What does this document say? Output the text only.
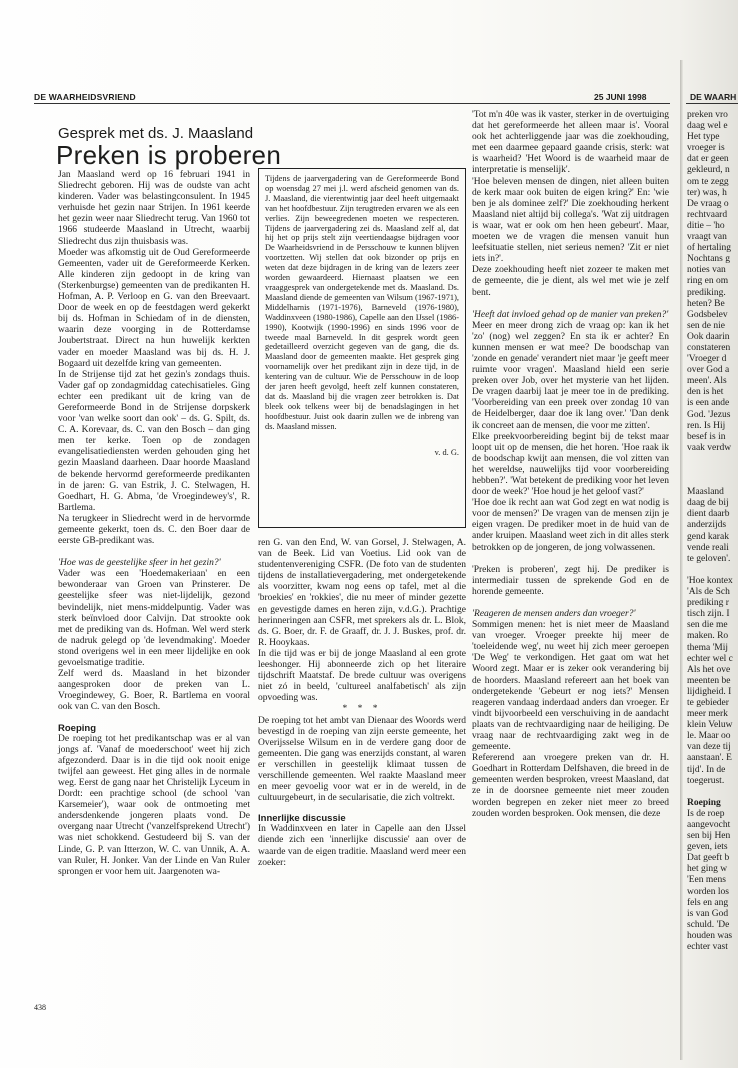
DE WAARHEIDSVRIEND	25 JUNI 1998	DE WAARH
Gesprek met ds. J. Maasland
Preken is proberen

Jan Maasland werd op 16 februari 1941 in Sliedrecht geboren. Hij was de oudste van acht kinderen. Vader was belastingconsulent. In 1945 verhuisde het gezin naar Strijen. In 1961 keerde het gezin weer naar Sliedrecht terug. Van 1960 tot 1966 studeerde Maasland in Utrecht, waarbij Sliedrecht dus zijn thuisbasis was.

Moeder was afkomstig uit de Oud Gereformeerde Gemeenten, vader uit de Gereformeerde Kerken. Alle kinderen zijn gedoopt in de kring van (Sterkenburgse) gemeenten van de predikanten H. Hofman, A. P. Verloop en G. van den Breevaart. Door de week en op de feestdagen werd gekerkt bij ds. Hofman in Schiedam of in de diensten, waarin deze voorging in de Rotterdamse Joubertstraat. Direct na hun huwelijk kerkten vader en moeder Maasland was bij ds. H. J. Bogaard uit dezelfde kring van gemeenten.

In de Strijense tijd zat het gezin's zondags thuis. Vader gaf op zondagmiddag catechisatieles. Ging echter een predikant uit de kring van de Gereformeerde Bond in de Strijense dorpskerk voor 'van welke soort dan ook' – ds. G. Spilt, ds. C. A. Korevaar, ds. C. van den Bosch – dan ging men ter kerke. Toen op de zondagen evangelisatiediensten werden gehouden ging het gezin Maasland daarheen. Daar hoorde Maasland de bekende hervormd gereformeerde predikanten in de jaren: G. van Estrik, J. C. Stelwagen, H. Goedhart, H. G. Abma, 'de Vroegindewey's', R. Bartlema.

Na terugkeer in Sliedrecht werd in de hervormde gemeente gekerkt, toen ds. C. den Boer daar de eerste GB-predikant was.

'Hoe was de geestelijke sfeer in het gezin?'

Vader was een 'Hoedemakeriaan' en een bewonderaar van Groen van Prinsterer. De geestelijke sfeer was niet-lijdelijk, gezond bevindelijk, niet mens-middelpuntig. Vader was sterk beïnvloed door Calvijn. Dat strookte ook met de prediking van ds. Hofman. Wel werd sterk de nadruk gelegd op 'de levendmaking'. Moeder stond overigens wel in een meer lijdelijke en ook gevoelsmatige traditie.

Zelf werd ds. Maasland in het bizonder aangesproken door de preken van L. Vroegindewey, G. Boer, R. Bartlema en vooral ook van C. van den Bosch.

Roeping

De roeping tot het predikantschap was er al van jongs af. 'Vanaf de moederschoot' weet hij zich afgezonderd. Daar is in die tijd ook nooit enige twijfel aan geweest. Het ging alles in de normale weg. Eerst de gang naar het Christelijk Lyceum in Dordt: een prachtige school (de school 'van Karsemeier'), waar ook de ontmoeting met andersdenkende jongeren plaats vond. De overgang naar Utrecht ('vanzelfsprekend Utrecht') was niet schokkend. Gestudeerd bij S. van der Linde, G. P. van Itterzon, W. C. van Unnik, A. A. van Ruler, H. Jonker. Van der Linde en Van Ruler sprongen er voor hem uit. Jaargenoten wa-

Tijdens de jaarvergadering van de Gereformeerde Bond op woensdag 27 mei j.l. werd afscheid genomen van ds. J. Maasland, die vierentwintig jaar deel heeft uitgemaakt van het hoofdbestuur. Zijn terugtreden ervaren we als een verlies. Zijn beweegredenen moeten we respecteren. Tijdens de jaarvergadering zei ds. Maasland zelf al, dat hij het op prijs stelt zijn veertiendaagse bijdragen voor De Waarheidsvriend in de Persschouw te kunnen blijven voortzetten. Wij stellen dat ook bizonder op prijs en weten dat deze bijdragen in de kring van de lezers zeer worden gewaardeerd. Hiernaast plaatsen we een vraaggesprek van ondergetekende met ds. Maasland. Ds. Maasland diende de gemeenten van Wilsum (1967-1971), Middelharnis (1971-1976), Barneveld (1976-1980), Waddinxveen (1980-1986), Capelle aan den IJssel (1986-1990), Kootwijk (1990-1996) en sinds 1996 voor de tweede maal Barneveld. In dit gesprek wordt geen gedetailleerd overzicht gegeven van de gang, die ds. Maasland door de gemeenten maakte. Het gesprek ging voornamelijk over het predikant zijn in deze tijd, in de kentering van de cultuur. Wie de Persschouw in de loop der jaren heeft gevolgd, heeft zelf kunnen constateren, dat ds. Maasland bij die vragen zeer betrokken is. Dat bleek ook telkens weer bij de benadslagingen in het hoofdbestuur. Juist ook daarin zullen we de inbreng van ds. Maasland missen.

v. d. G.

ren G. van den End, W. van Gorsel, J. Stelwagen, A. van de Beek. Lid van Voetius. Lid ook van de studentenvereniging CSFR. (De foto van de studenten tijdens de installatievergadering, met ondergetekende als voorzitter, kwam nog eens op tafel, met al die 'broekies' en 'rokkies', die nu meer of minder gezette en gevestigde dames en heren zijn, v.d.G.). Prachtige herinneringen aan CSFR, met sprekers als dr. L. Blok, ds. G. Boer, dr. F. de Graaff, dr. J. J. Buskes, prof. dr. R. Hooykaas.

In die tijd was er bij de jonge Maasland al een grote leeshonger. Hij abonneerde zich op het literaire tijdschrift Maatstaf. De brede cultuur was overigens niet zó in beeld, 'cultureel analfabetisch' als zijn opvoeding was.

* * *

De roeping tot het ambt van Dienaar des Woords werd bevestigd in de roeping van zijn eerste gemeente, het Overijsselse Wilsum en in de verdere gang door de gemeenten. Die gang was enerzijds constant, al waren er verschillen in geestelijk klimaat tussen de verschillende gemeenten. Wel raakte Maasland meer en meer gevoelig voor wat er in de wereld, in de cultuurgebeurt, in de secularisatie, die zich voltrekt.

Innerlijke discussie

In Waddinxveen en later in Capelle aan den IJssel diende zich een 'innerlijke discussie' aan over de waarde van de eigen traditie. Maasland werd meer een zoeker:

'Tot m'n 40e was ik vaster, sterker in de overtuiging dat het gereformeerde het alleen maar is'. Vooral ook het achterliggende jaar was die zoekhouding, met een daarmee gepaard gaande crisis, sterk: wat is waarheid? 'Het Woord is de waarheid maar de interpretatie is menselijk'.

'Hoe beleven mensen de dingen, niet alleen buiten de kerk maar ook buiten de eigen kring?' En: 'wie ben je als dominee zelf?' Die zoekhouding herkent Maasland niet altijd bij collega's. 'Wat zij uitdragen is waar, wat er ook om hen heen gebeurt'. Maar, moeten we de vragen die mensen vanuit hun leefsituatie stellen, niet serieus nemen? 'Zit er niet iets in?'.

Deze zoekhouding heeft niet zozeer te maken met de gemeente, die je dient, als wel met wie je zelf bent.

'Heeft dat invloed gehad op de manier van preken?'

Meer en meer drong zich de vraag op: kan ik het 'zo' (nog) wel zeggen? En sta ik er achter? En kunnen mensen er wat mee? De boodschap van 'zonde en genade' verandert niet maar 'je geeft meer ruimte voor vragen'. Maasland hield een serie preken over Job, over het mysterie van het lijden. De vragen daarbij laat je meer toe in de prediking. 'Voorbereiding van een preek over zondag 10 van de Heidelberger, daar doe ik lang over.' 'Dan denk ik concreet aan de mensen, die voor me zitten'.

Elke preekvoorbereiding begint bij de tekst maar loopt uit op de mensen, die het horen. 'Hoe raak ik de boodschap kwijt aan mensen, die vol zitten van het wereldse, nauwelijks tijd voor voorbereiding hebben?'. 'Wat betekent de prediking voor het leven door de week?' 'Hoe houd je het geloof vast?'

'Hoe doe ik recht aan wat God zegt en wat nodig is voor de mensen?' De vragen van de mensen zijn je eigen vragen. De prediker moet in de huid van de ander kruipen. Maasland weet zich in dit alles sterk betrokken op de jongeren, de jong volwassenen.

'Preken is proberen', zegt hij. De prediker is intermediair tussen de sprekende God en de horende gemeente.

'Reageren de mensen anders dan vroeger?'

Sommigen menen: het is niet meer de Maasland van vroeger. Vroeger preekte hij meer de 'toeleidende weg', nu weet hij zich meer geroepen 'De Weg' te verkondigen. Het gaat om wat het Woord zegt. Maar er is zeker ook verandering bij de hoorders. Maasland refereert aan het boek van ondergetekende 'Gebeurt er nog iets?' Mensen reageren vandaag inderdaad anders dan vroeger. Er vindt bijvoorbeeld een verschuiving in de aandacht plaats van de rechtvaardiging naar de heiliging. De vraag naar de rechtvaardiging zakt weg in de gemeente.

Refererend aan vroegere preken van dr. H. Goedhart in Rotterdam Delfshaven, die breed in de gemeenten werden besproken, vreest Maasland, dat ze in de doorsnee gemeente niet meer zouden worden begrepen en zeker niet meer zo breed zouden worden besproken. Ook mensen, die deze

preken vro
daag wel e
Het type
vroeger is
dat er geen
gekleurd, n
om te zegg
ter) was, h
De vraag o
rechtvaard
ditie – 'ho
vraagt van
of hertaling
Nochtans g
noties van
ring en om
prediking.
heten? Be
Godsbelev
sen de nie
Ook daarin
constateren
'Vroeger d
over God a
meen'. Als
den is het
is een ande
God. 'Jezus
ren. Is Hij
besef is in
vaak verdw
Maasland
daag de bij
dient daarb
anderzijds
gend karak
vende reali
te geloven'.
'Hoe kontex
'Als de Sch
prediking r
tisch zijn. I
sen die me
maken. Ro
thema 'Mij
echter wel c
Als het ove
meenten be
lijdigheid. I
te gebieder
meer merk
klein Veluw
le. Maar oo
van deze tij
aanstaan'. E
tijd'. In de
toegerust.
Roeping
Is de roep
aangevocht
sen bij Hen
geven, iets
Dat geeft b
het ging w
'Een mens
worden los
fels en ang
is van God
schuld. 'De
houden was
echter vast
438
